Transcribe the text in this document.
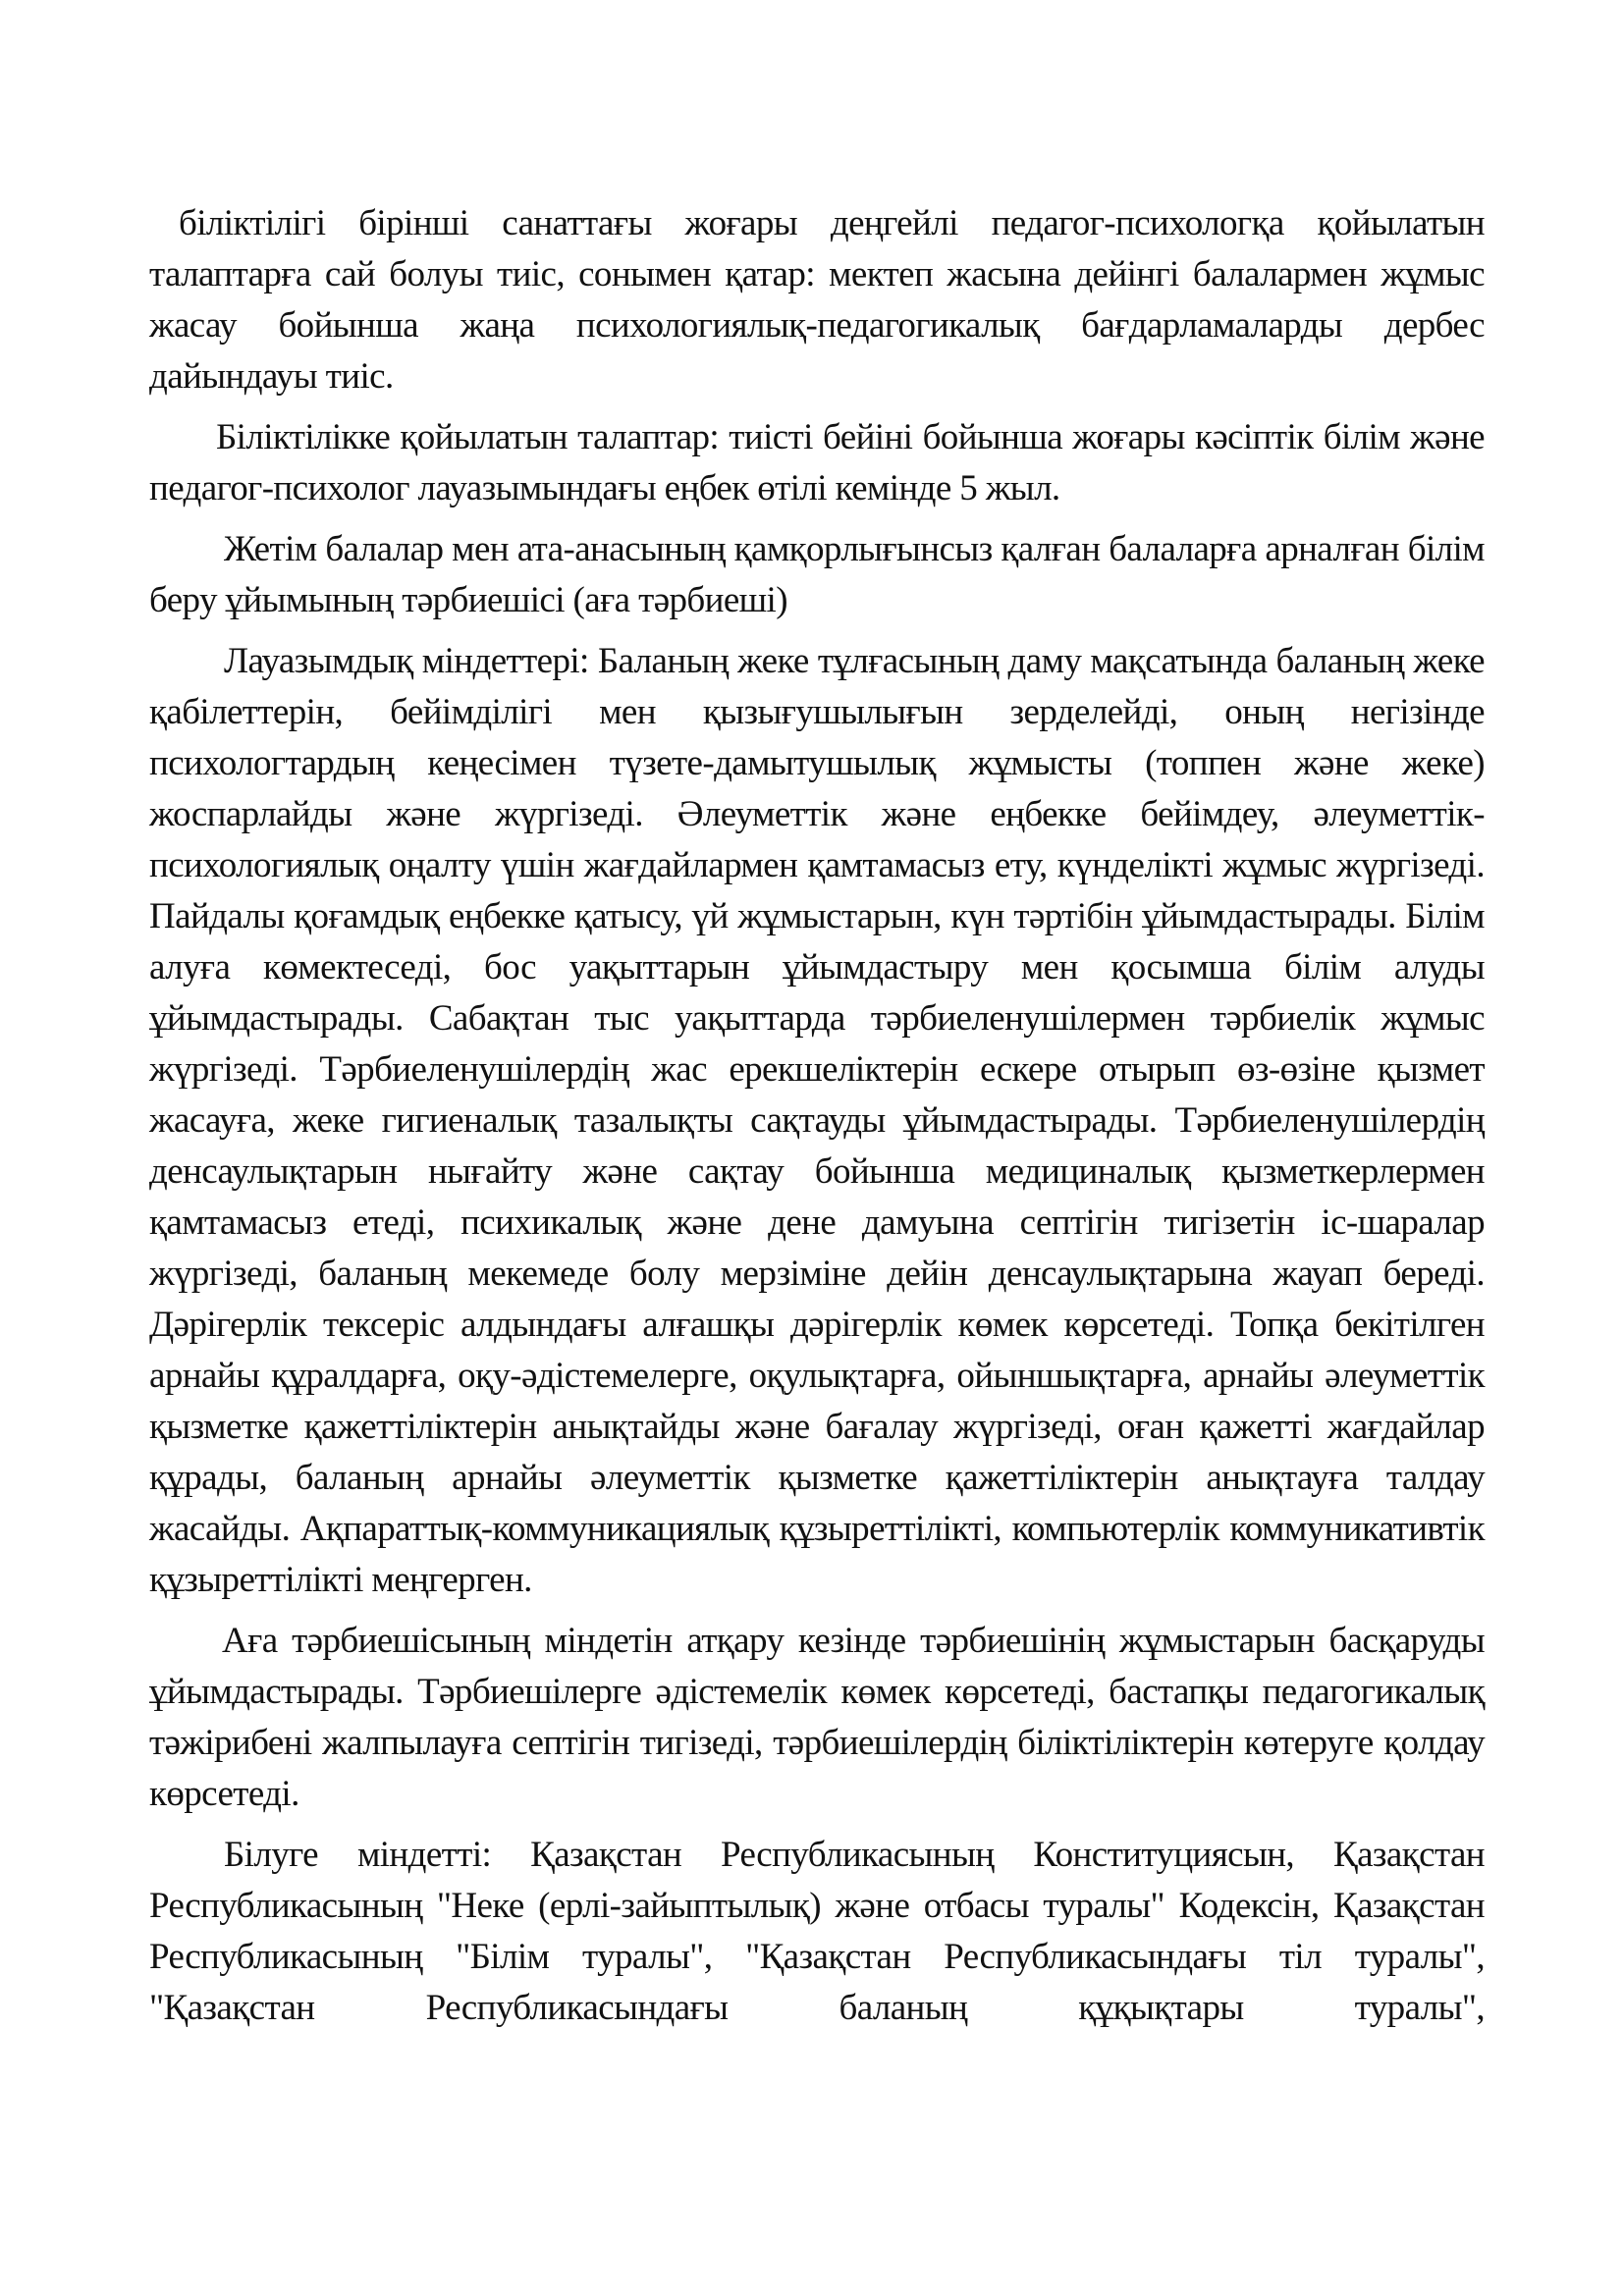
біліктілігі бірінші санаттағы жоғары деңгейлі педагог-психологқа қойылатын талаптарға сай болуы тиіс, сонымен қатар: мектеп жасына дейінгі балалармен жұмыс жасау бойынша жаңа психологиялық-педагогикалық бағдарламаларды дербес дайындауы тиіс.

Біліктілікке қойылатын талаптар: тиісті бейіні бойынша жоғары кәсіптік білім және педагог-психолог лауазымындағы еңбек өтілі кемінде 5 жыл.

Жетім балалар мен ата-анасының қамқорлығынсыз қалған балаларға арналған білім беру ұйымының тәрбиешісі (аға тәрбиеші)

Лауазымдық міндеттері: Баланың жеке тұлғасының даму мақсатында баланың жеке қабілеттерін, бейімділігі мен қызығушылығын зерделейді, оның негізінде психологтардың кеңесімен түзете-дамытушылық жұмысты (топпен және жеке) жоспарлайды және жүргізеді. Әлеуметтік және еңбекке бейімдеу, әлеуметтік-психологиялық оңалту үшін жағдайлармен қамтамасыз ету, күнделікті жұмыс жүргізеді. Пайдалы қоғамдық еңбекке қатысу, үй жұмыстарын, күн тәртібін ұйымдастырады. Білім алуға көмектеседі, бос уақыттарын ұйымдастыру мен қосымша білім алуды ұйымдастырады. Сабақтан тыс уақыттарда тәрбиеленушілермен тәрбиелік жұмыс жүргізеді. Тәрбиеленушілердің жас ерекшеліктерін ескере отырып өз-өзіне қызмет жасауға, жеке гигиеналық тазалықты сақтауды ұйымдастырады. Тәрбиеленушілердің денсаулықтарын нығайту және сақтау бойынша медициналық қызметкерлермен қамтамасыз етеді, психикалық және дене дамуына септігін тигізетін іс-шаралар жүргізеді, баланың мекемеде болу мерзіміне дейін денсаулықтарына жауап береді. Дәрігерлік тексеріс алдындағы алғашқы дәрігерлік көмек көрсетеді. Топқа бекітілген арнайы құралдарға, оқу-әдістемелерге, оқулықтарға, ойыншықтарға, арнайы әлеуметтік қызметке қажеттіліктерін анықтайды және бағалау жүргізеді, оған қажетті жағдайлар құрады, баланың арнайы әлеуметтік қызметке қажеттіліктерін анықтауға талдау жасайды. Ақпараттық-коммуникациялық құзыреттілікті, компьютерлік коммуникативтік құзыреттілікті меңгерген.

Аға тәрбиешісының міндетін атқару кезінде тәрбиешінің жұмыстарын басқаруды ұйымдастырады. Тәрбиешілерге әдістемелік көмек көрсетеді, бастапқы педагогикалық тәжірибені жалпылауға септігін тигізеді, тәрбиешілердің біліктіліктерін көтеруге қолдау көрсетеді.

Білуге міндетті: Қазақстан Республикасының Конституциясын, Қазақстан Республикасының "Неке (ерлі-зайыптылық) және отбасы туралы" Кодексін, Қазақстан Республикасының "Білім туралы", "Қазақстан Республикасындағы тіл туралы", "Қазақстан Республикасындағы баланың құқықтары туралы",
